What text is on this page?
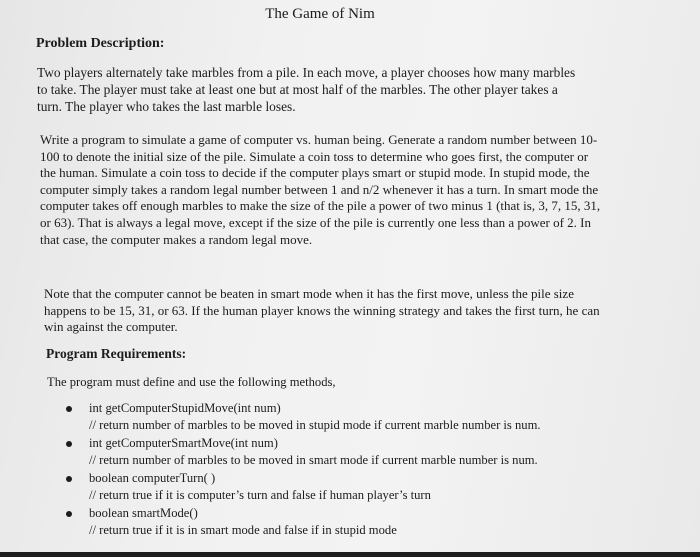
The Game of Nim
Problem Description:

Two players alternately take marbles from a pile. In each move, a player chooses how many marbles to take. The player must take at least one but at most half of the marbles. The other player takes a turn. The player who takes the last marble loses.

Write a program to simulate a game of computer vs. human being. Generate a random number between 10-100 to denote the initial size of the pile. Simulate a coin toss to determine who goes first, the computer or the human. Simulate a coin toss to decide if the computer plays smart or stupid mode. In stupid mode, the computer simply takes a random legal number between 1 and n/2 whenever it has a turn. In smart mode the computer takes off enough marbles to make the size of the pile a power of two minus 1 (that is, 3, 7, 15, 31, or 63). That is always a legal move, except if the size of the pile is currently one less than a power of 2. In that case, the computer makes a random legal move.

Note that the computer cannot be beaten in smart mode when it has the first move, unless the pile size happens to be 15, 31, or 63. If the human player knows the winning strategy and takes the first turn, he can win against the computer.

Program Requirements:
The program must define and use the following methods,
int getComputerStupidMove(int num)
// return number of marbles to be moved in stupid mode if current marble number is num.
int getComputerSmartMove(int num)
// return number of marbles to be moved in smart mode if current marble number is num.
boolean computerTurn( )
// return true if it is computer’s turn and false if human player’s turn
boolean smartMode()
// return true if it is in smart mode and false if in stupid mode
